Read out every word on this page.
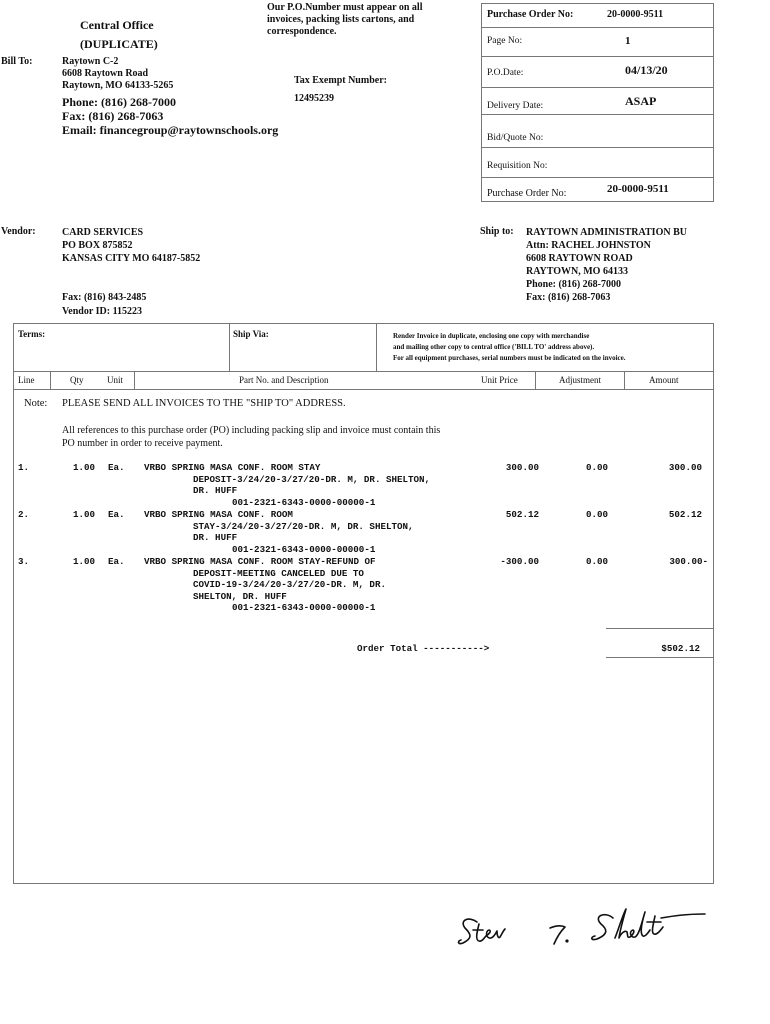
Central Office
(DUPLICATE)
Our P.O.Number must appear on all invoices, packing lists cartons, and correspondence.
Bill To:	Raytown C-2
6608 Raytown Road
Raytown, MO 64133-5265
Phone: (816) 268-7000
Fax: (816) 268-7063
Email: financegroup@raytownschools.org
Tax Exempt Number:
12495239
Purchase Order No:	20-0000-9511
Page No:	1
P.O.Date:	04/13/20
Delivery Date:	ASAP
Bid/Quote No:
Requisition No:
Purchase Order No:	20-0000-9511
Vendor:	CARD SERVICES
PO BOX 875852
KANSAS CITY MO 64187-5852
Fax: (816) 843-2485
Vendor ID: 115223
Ship to: RAYTOWN ADMINISTRATION BU
Attn: RACHEL JOHNSTON
6608 RAYTOWN ROAD
RAYTOWN, MO 64133
Phone: (816) 268-7000
Fax: (816) 268-7063
Terms:	Ship Via:	Render Invoice in duplicate, enclosing one copy with merchandise
and mailing other copy to central office ('BILL TO' address above).
For all equipment purchases, serial numbers must be indicated on the invoice.
Line	Qty	Unit	Part No. and Description	Unit Price	Adjustment	Amount
Note: PLEASE SEND ALL INVOICES TO THE "SHIP TO" ADDRESS.
All references to this purchase order (PO) including packing slip and invoice must contain this
PO number in order to receive payment.
1.	1.00 Ea. VRBO SPRING MASA CONF. ROOM STAY
DEPOSIT-3/24/20-3/27/20-DR. M, DR. SHELTON,
DR. HUFF
001-2321-6343-0000-00000-1
300.00	0.00	300.00
2.	1.00 Ea. VRBO SPRING MASA CONF. ROOM
STAY-3/24/20-3/27/20-DR. M, DR. SHELTON,
DR. HUFF
001-2321-6343-0000-00000-1
502.12	0.00	502.12
3.	1.00 Ea. VRBO SPRING MASA CONF. ROOM STAY-REFUND OF
DEPOSIT-MEETING CANCELED DUE TO
COVID-19-3/24/20-3/27/20-DR. M, DR.
SHELTON, DR. HUFF
001-2321-6343-0000-00000-1
-300.00	0.00	300.00-
Order Total ----------->	$502.12
